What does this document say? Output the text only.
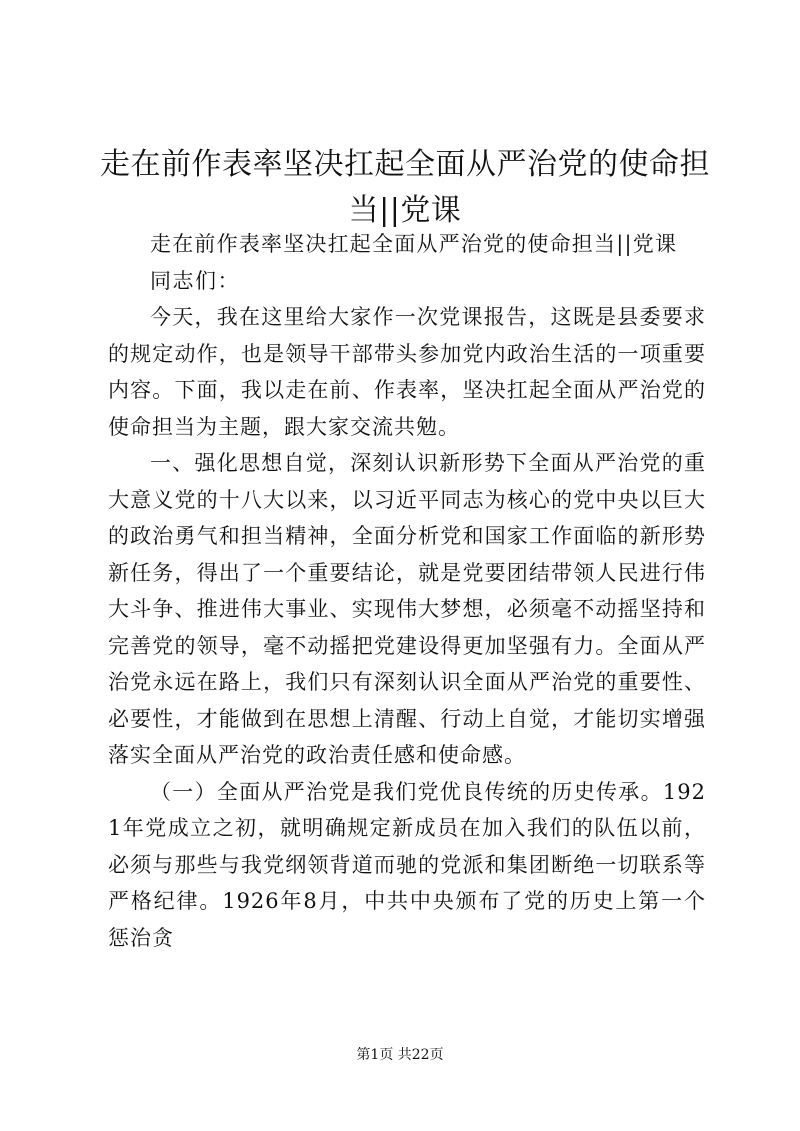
走在前作表率坚决扛起全面从严治党的使命担当||党课

走在前作表率坚决扛起全面从严治党的使命担当||党课

同志们：

今天，我在这里给大家作一次党课报告，这既是县委要求的规定动作，也是领导干部带头参加党内政治生活的一项重要内容。下面，我以走在前、作表率，坚决扛起全面从严治党的使命担当为主题，跟大家交流共勉。

一、强化思想自觉，深刻认识新形势下全面从严治党的重大意义党的十八大以来，以习近平同志为核心的党中央以巨大的政治勇气和担当精神，全面分析党和国家工作面临的新形势新任务，得出了一个重要结论，就是党要团结带领人民进行伟大斗争、推进伟大事业、实现伟大梦想，必须毫不动摇坚持和完善党的领导，毫不动摇把党建设得更加坚强有力。全面从严治党永远在路上，我们只有深刻认识全面从严治党的重要性、必要性，才能做到在思想上清醒、行动上自觉，才能切实增强落实全面从严治党的政治责任感和使命感。

（一）全面从严治党是我们党优良传统的历史传承。1921年党成立之初，就明确规定新成员在加入我们的队伍以前，必须与那些与我党纲领背道而驰的党派和集团断绝一切联系等严格纪律。1926年8月，中共中央颁布了党的历史上第一个惩治贪

第1页 共22页
